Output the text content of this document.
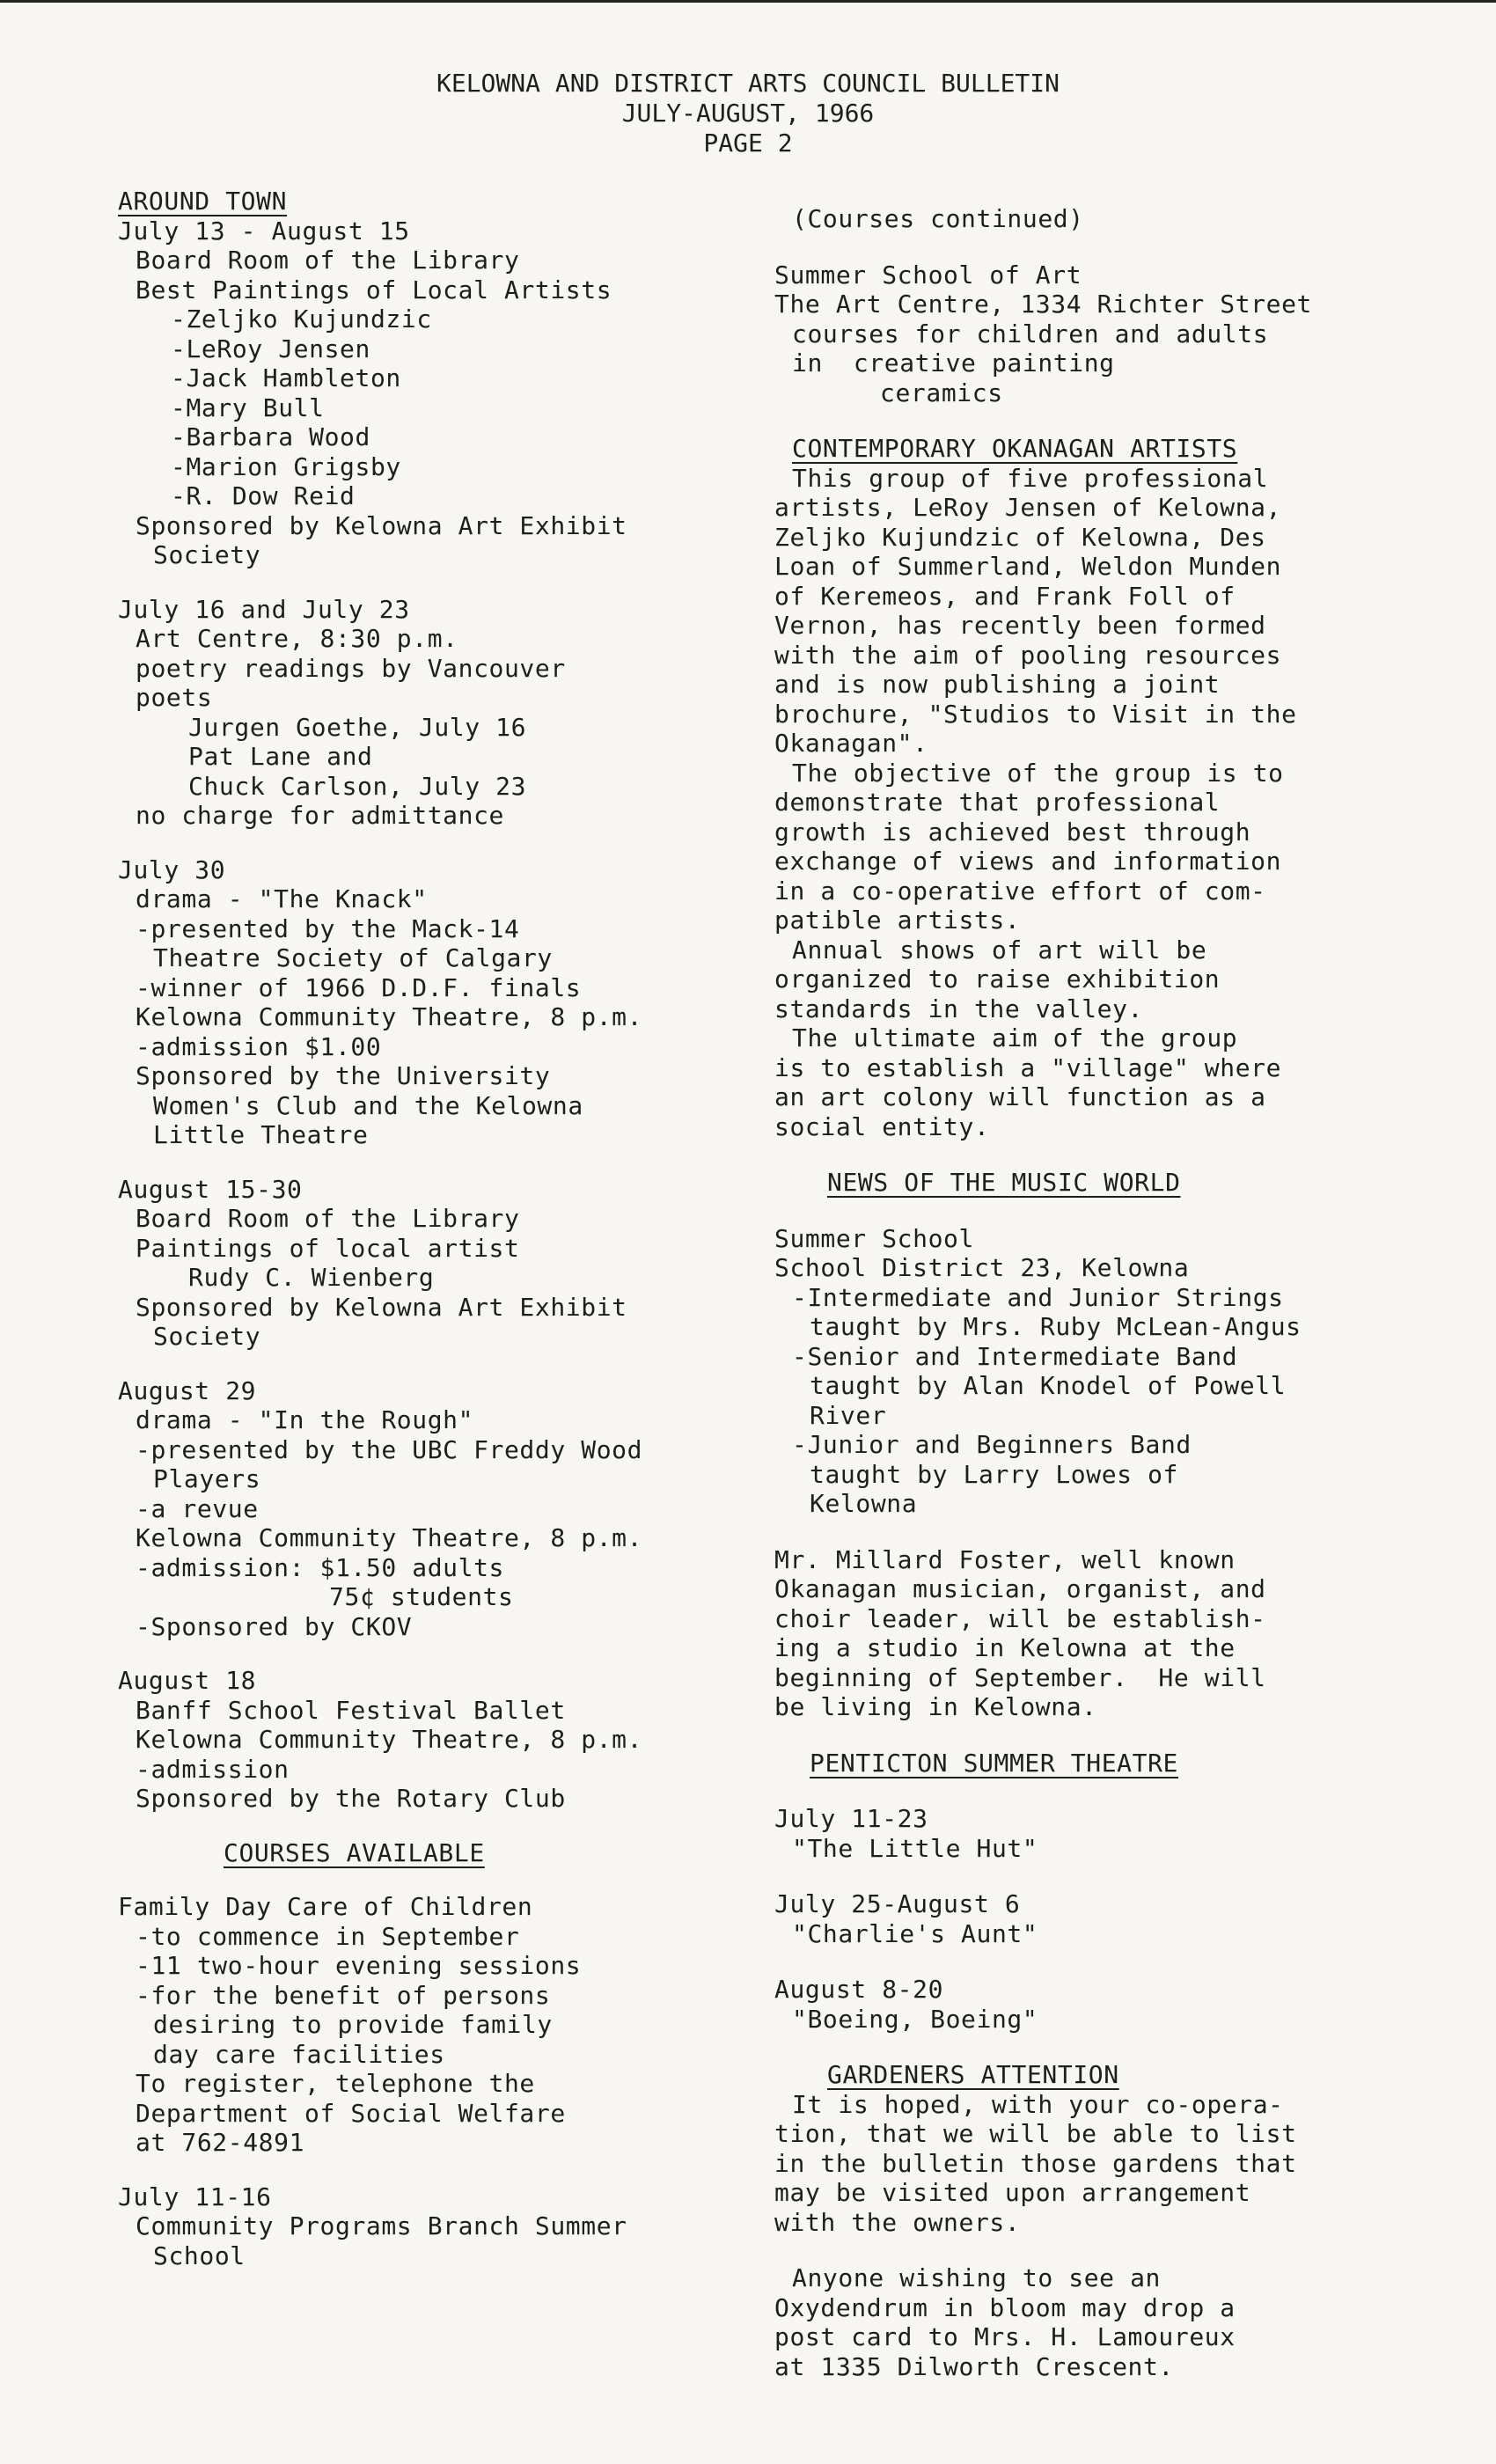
KELOWNA AND DISTRICT ARTS COUNCIL BULLETIN
JULY-AUGUST, 1966
PAGE 2
AROUND TOWN
July 13 - August 15
Board Room of the Library
Best Paintings of Local Artists
-Zeljko Kujundzic
-LeRoy Jensen
-Jack Hambleton
-Mary Bull
-Barbara Wood
-Marion Grigsby
-R. Dow Reid
Sponsored by Kelowna Art Exhibit
Society
July 16 and July 23
Art Centre, 8:30 p.m.
poetry readings by Vancouver
poets
Jurgen Goethe, July 16
Pat Lane and
Chuck Carlson, July 23
no charge for admittance
July 30
drama - "The Knack"
-presented by the Mack-14
Theatre Society of Calgary
-winner of 1966 D.D.F. finals
Kelowna Community Theatre, 8 p.m.
-admission $1.00
Sponsored by the University
Women's Club and the Kelowna
Little Theatre
August 15-30
Board Room of the Library
Paintings of local artist
Rudy C. Wienberg
Sponsored by Kelowna Art Exhibit
Society
August 29
drama - "In the Rough"
-presented by the UBC Freddy Wood
Players
-a revue
Kelowna Community Theatre, 8 p.m.
-admission: $1.50 adults
75¢ students
-Sponsored by CKOV
August 18
Banff School Festival Ballet
Kelowna Community Theatre, 8 p.m.
-admission
Sponsored by the Rotary Club
COURSES AVAILABLE
Family Day Care of Children
-to commence in September
-11 two-hour evening sessions
-for the benefit of persons
desiring to provide family
day care facilities
To register, telephone the
Department of Social Welfare
at 762-4891
July 11-16
Community Programs Branch Summer
School
(Courses continued)
Summer School of Art
The Art Centre, 1334 Richter Street
courses for children and adults
in  creative painting
ceramics
CONTEMPORARY OKANAGAN ARTISTS
This group of five professional
artists, LeRoy Jensen of Kelowna,
Zeljko Kujundzic of Kelowna, Des
Loan of Summerland, Weldon Munden
of Keremeos, and Frank Foll of
Vernon, has recently been formed
with the aim of pooling resources
and is now publishing a joint
brochure, "Studios to Visit in the
Okanagan".
The objective of the group is to
demonstrate that professional
growth is achieved best through
exchange of views and information
in a co-operative effort of com-
patible artists.
Annual shows of art will be
organized to raise exhibition
standards in the valley.
The ultimate aim of the group
is to establish a "village" where
an art colony will function as a
social entity.
NEWS OF THE MUSIC WORLD
Summer School
School District 23, Kelowna
-Intermediate and Junior Strings
taught by Mrs. Ruby McLean-Angus
-Senior and Intermediate Band
taught by Alan Knodel of Powell
River
-Junior and Beginners Band
taught by Larry Lowes of
Kelowna
Mr. Millard Foster, well known
Okanagan musician, organist, and
choir leader, will be establish-
ing a studio in Kelowna at the
beginning of September.  He will
be living in Kelowna.
PENTICTON SUMMER THEATRE
July 11-23
"The Little Hut"
July 25-August 6
"Charlie's Aunt"
August 8-20
"Boeing, Boeing"
GARDENERS ATTENTION
It is hoped, with your co-opera-
tion, that we will be able to list
in the bulletin those gardens that
may be visited upon arrangement
with the owners.
Anyone wishing to see an
Oxydendrum in bloom may drop a
post card to Mrs. H. Lamoureux
at 1335 Dilworth Crescent.
